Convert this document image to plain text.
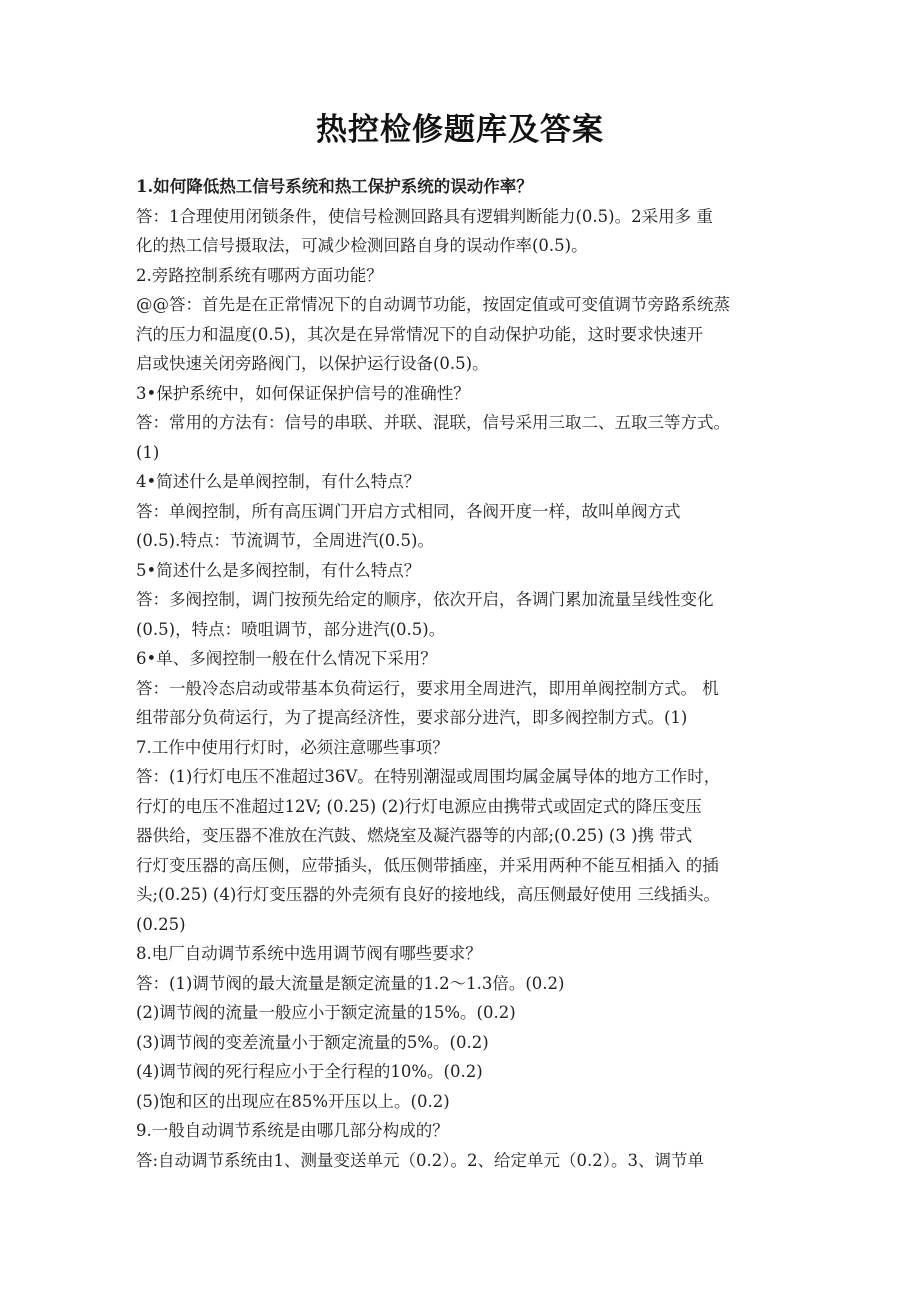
热控检修题库及答案
1.如何降低热工信号系统和热工保护系统的误动作率？
答：1合理使用闭锁条件，使信号检测回路具有逻辑判断能力(0.5)。2采用多 重
化的热工信号摄取法，可减少检测回路自身的误动作率(0.5)。
2.旁路控制系统有哪两方面功能？
@@答：首先是在正常情况下的自动调节功能，按固定值或可变值调节旁路系统蒸
汽的压力和温度(0.5)，其次是在异常情况下的自动保护功能，这时要求快速开
启或快速关闭旁路阀门，以保护运行设备(0.5)。
3•保护系统中，如何保证保护信号的准确性？
答：常用的方法有：信号的串联、并联、混联，信号采用三取二、五取三等方式。
(1)
4•简述什么是单阀控制，有什么特点？
答：单阀控制，所有高压调门开启方式相同，各阀开度一样，故叫单阀方式
(0.5).特点：节流调节，全周进汽(0.5)。
5•简述什么是多阀控制，有什么特点？
答：多阀控制，调门按预先给定的顺序，依次开启，各调门累加流量呈线性变化
(0.5)，特点：喷咀调节，部分进汽(0.5)。
6•单、多阀控制一般在什么情况下采用？
答：一般冷态启动或带基本负荷运行，要求用全周进汽，即用单阀控制方式。 机
组带部分负荷运行，为了提高经济性，要求部分进汽，即多阀控制方式。(1)
7.工作中使用行灯时，必须注意哪些事项？
答：(1)行灯电压不准超过36V。在特别潮湿或周围均属金属导体的地方工作时，
行灯的电压不准超过12V; (0.25) (2)行灯电源应由携带式或固定式的降压变压
器供给，变压器不准放在汽鼓、燃烧室及凝汽器等的内部;(0.25) (3 )携 带式
行灯变压器的高压侧，应带插头，低压侧带插座，并采用两种不能互相插入 的插
头;(0.25) (4)行灯变压器的外壳须有良好的接地线，高压侧最好使用 三线插头。
(0.25)
8.电厂自动调节系统中选用调节阀有哪些要求？
答：(1)调节阀的最大流量是额定流量的1.2～1.3倍。(0.2)
(2)调节阀的流量一般应小于额定流量的15%。(0.2)
(3)调节阀的变差流量小于额定流量的5%。(0.2)
(4)调节阀的死行程应小于全行程的10%。(0.2)
(5)饱和区的出现应在85%开压以上。(0.2)
9.一般自动调节系统是由哪几部分构成的？
答:自动调节系统由1、测量变送单元（0.2）。2、给定单元（0.2）。3、调节单
